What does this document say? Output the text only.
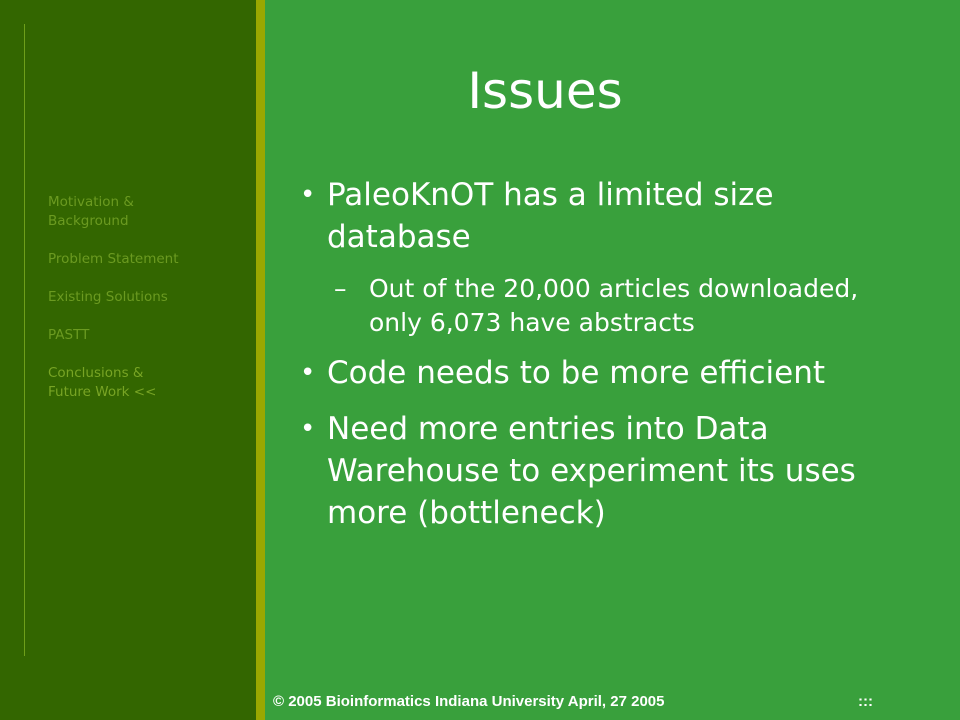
Motivation &
Background
Problem Statement
Existing Solutions
PASTT
Conclusions &
Future Work <<
Issues
• PaleoKnOT has a limited size database
– Out of the 20,000 articles downloaded, only 6,073 have abstracts
• Code needs to be more efficient
• Need more entries into Data Warehouse to experiment its uses more (bottleneck)
© 2005 Bioinformatics Indiana University April, 27 2005	:::
